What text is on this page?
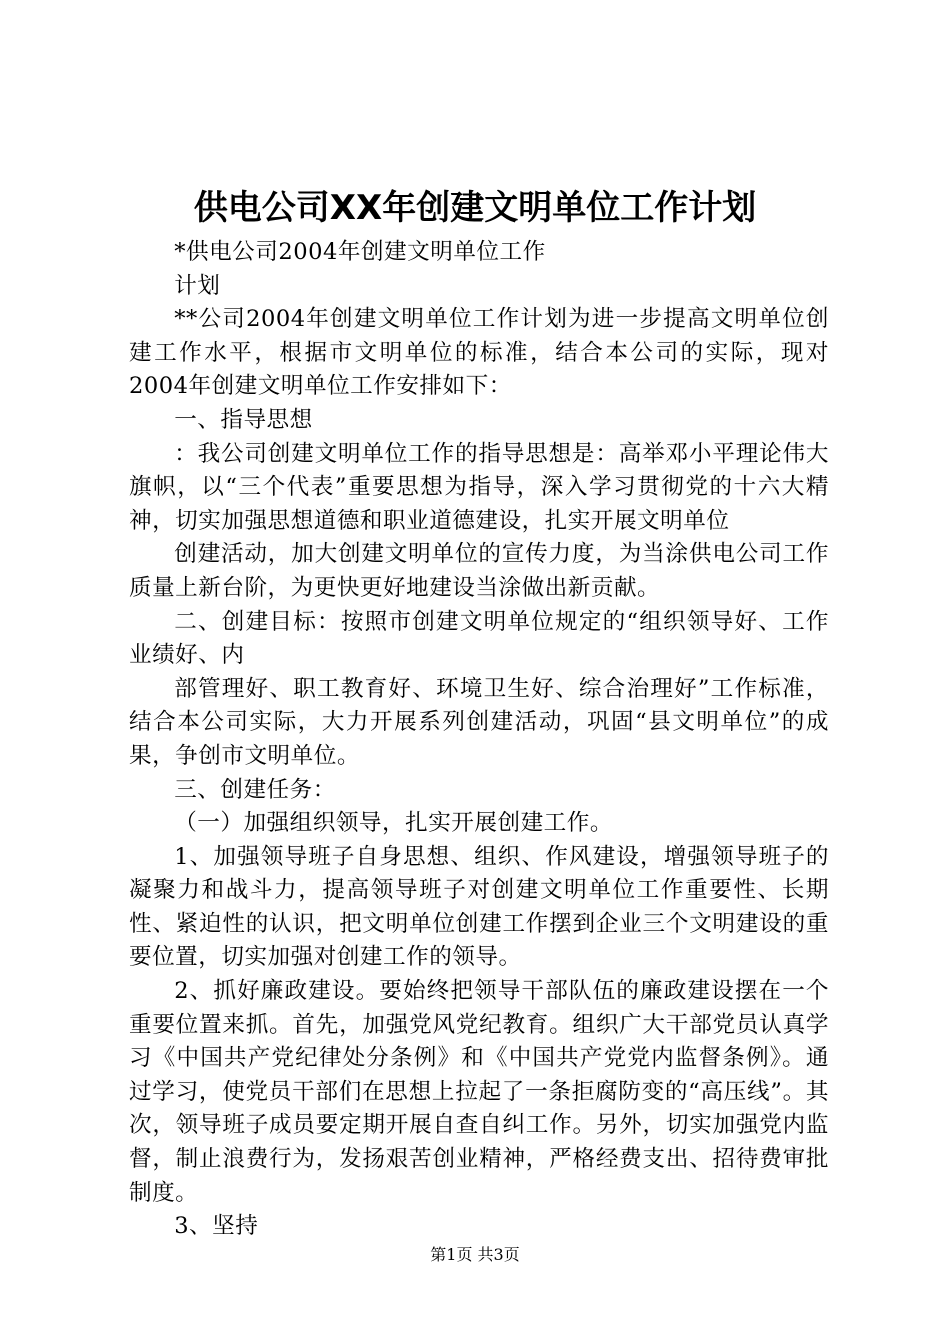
供电公司XX年创建文明单位工作计划

*供电公司2004年创建文明单位工作

计划

**公司2004年创建文明单位工作计划为进一步提高文明单位创建工作水平，根据市文明单位的标准，结合本公司的实际，现对2004年创建文明单位工作安排如下：

一、指导思想

：我公司创建文明单位工作的指导思想是：高举邓小平理论伟大旗帜，以“三个代表”重要思想为指导，深入学习贯彻党的十六大精神，切实加强思想道德和职业道德建设，扎实开展文明单位

创建活动，加大创建文明单位的宣传力度，为当涂供电公司工作质量上新台阶，为更快更好地建设当涂做出新贡献。

二、创建目标：按照市创建文明单位规定的“组织领导好、工作业绩好、内

部管理好、职工教育好、环境卫生好、综合治理好”工作标准，结合本公司实际，大力开展系列创建活动，巩固“县文明单位”的成果，争创市文明单位。

三、创建任务：

（一）加强组织领导，扎实开展创建工作。

1、加强领导班子自身思想、组织、作风建设，增强领导班子的凝聚力和战斗力，提高领导班子对创建文明单位工作重要性、长期性、紧迫性的认识，把文明单位创建工作摆到企业三个文明建设的重要位置，切实加强对创建工作的领导。

2、抓好廉政建设。要始终把领导干部队伍的廉政建设摆在一个重要位置来抓。首先，加强党风党纪教育。组织广大干部党员认真学习《中国共产党纪律处分条例》和《中国共产党党内监督条例》。通过学习，使党员干部们在思想上拉起了一条拒腐防变的“高压线”。其次，领导班子成员要定期开展自查自纠工作。另外，切实加强党内监督，制止浪费行为，发扬艰苦创业精神，严格经费支出、招待费审批制度。

3、坚持

第1页 共3页
